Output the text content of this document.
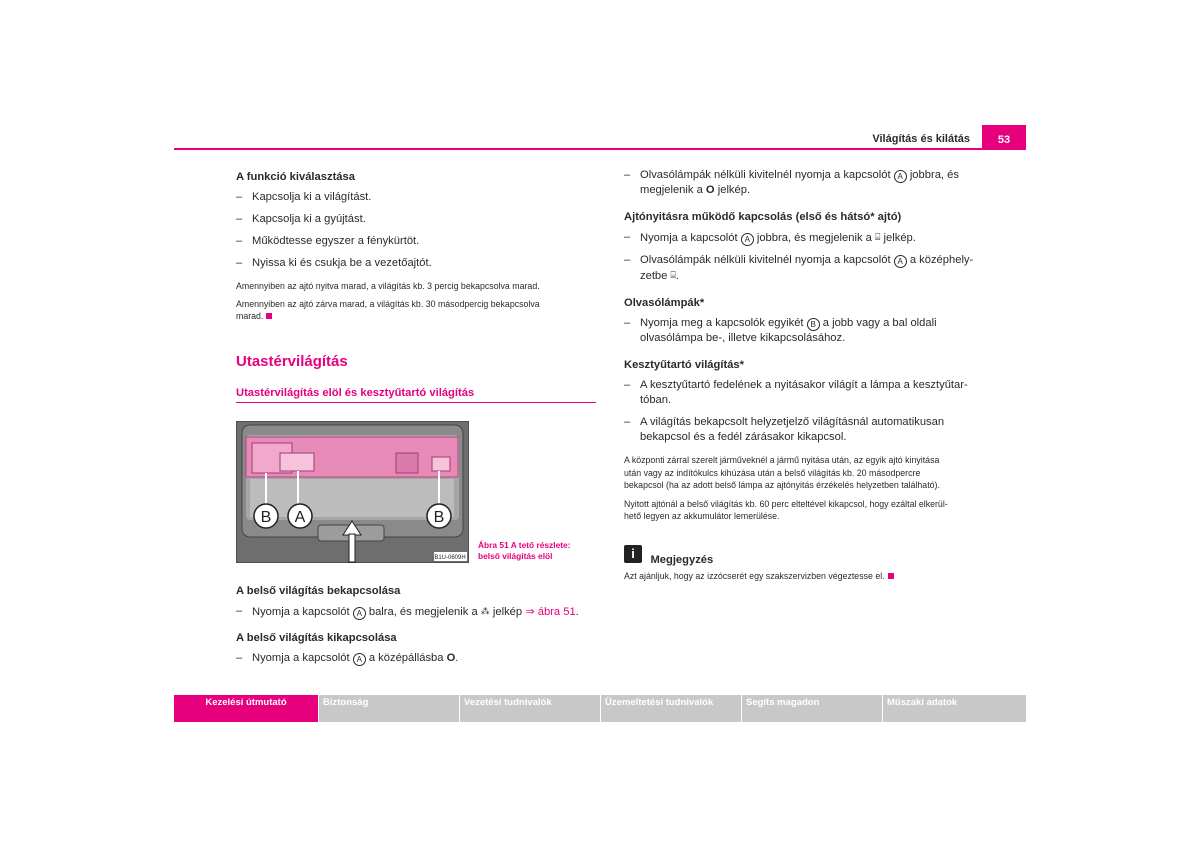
Világítás és kilátás	53
A funkció kiválasztása
– Kapcsolja ki a világítást.
– Kapcsolja ki a gyújtást.
– Működtesse egyszer a fénykürtöt.
– Nyissa ki és csukja be a vezetőajtót.
Amennyiben az ajtó nyitva marad, a világítás kb. 3 percig bekapcsolva marad.
Amennyiben az ajtó zárva marad, a világítás kb. 30 másodpercig bekapcsolva
marad.
Utastérvilágítás
Utastérvilágítás elöl és kesztyűtartó világítás
B A	B
B1U-0609H
Ábra 51 A tető részlete:
belső világítás elöl
A belső világítás bekapcsolása
– Nyomja a kapcsolót A balra, és megjelenik a ⁂ jelkép ⇒ ábra 51.
A belső világítás kikapcsolása
– Nyomja a kapcsolót A a középállásba O.
– Olvasólámpák nélküli kivitelnél nyomja a kapcsolót A jobbra, és
megjelenik a O jelkép.
Ajtónyitásra működő kapcsolás (első és hátsó* ajtó)
– Nyomja a kapcsolót A jobbra, és megjelenik a ⌸ jelkép.
– Olvasólámpák nélküli kivitelnél nyomja a kapcsolót A a középhely-
zetbe ⌸.
Olvasólámpák*
– Nyomja meg a kapcsolók egyikét B a jobb vagy a bal oldali
olvasólámpa be-, illetve kikapcsolásához.
Kesztyűtartó világítás*
– A kesztyűtartó fedelének a nyitásakor világít a lámpa a kesztyűtar-
tóban.
– A világítás bekapcsolt helyzetjelző világításnál automatikusan
bekapcsol és a fedél zárásakor kikapcsol.
A központi zárral szerelt járműveknél a jármű nyitása után, az egyik ajtó kinyitása
után vagy az indítókulcs kihúzása után a belső világítás kb. 20 másodpercre
bekapcsol (ha az adott belső lámpa az ajtónyitás érzékelés helyzetben található).
Nyitott ajtónál a belső világítás kb. 60 perc elteltével kikapcsol, hogy ezáltal elkerül-
hető legyen az akkumulátor lemerülése.
i $_{Megjegyzés}$
Azt ajánljuk, hogy az izzócserét egy szakszervizben végeztesse el.
Kezelési útmutató	Biztonság	Vezetési tudnivalók	Üzemeltetési tudnivalók	Segíts magadon	Műszaki adatok
